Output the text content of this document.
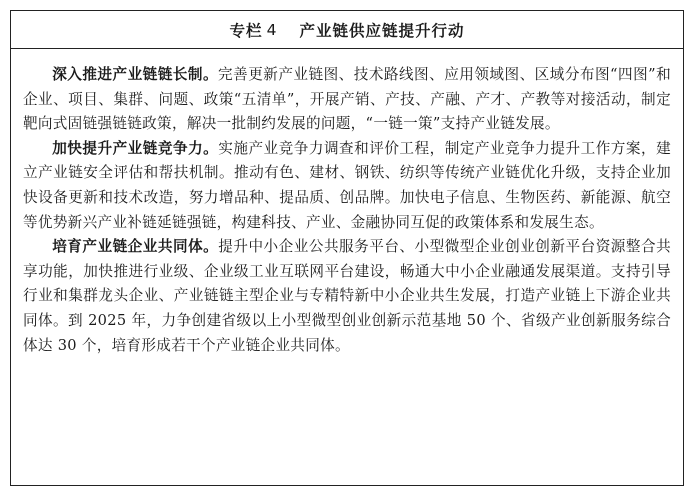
专栏 4 产业链供应链提升行动

深入推进产业链链长制。完善更新产业链图、技术路线图、应用领域图、区域分布图“四图”和企业、项目、集群、问题、政策“五清单”，开展产销、产技、产融、产才、产教等对接活动，制定靶向式固链强链链政策，解决一批制约发展的问题，“一链一策”支持产业链发展。

加快提升产业链竞争力。实施产业竞争力调查和评价工程，制定产业竞争力提升工作方案，建立产业链安全评估和帮扶机制。推动有色、建材、钢铁、纺织等传统产业链优化升级，支持企业加快设备更新和技术改造，努力增品种、提品质、创品牌。加快电子信息、生物医药、新能源、航空等优势新兴产业补链延链强链，构建科技、产业、金融协同互促的政策体系和发展生态。

培育产业链企业共同体。提升中小企业公共服务平台、小型微型企业创业创新平台资源整合共享功能，加快推进行业级、企业级工业互联网平台建设，畅通大中小企业融通发展渠道。支持引导行业和集群龙头企业、产业链链主型企业与专精特新中小企业共生发展，打造产业链上下游企业共同体。到 2025 年，力争创建省级以上小型微型创业创新示范基地 50 个、省级产业创新服务综合体达 30 个，培育形成若干个产业链企业共同体。
